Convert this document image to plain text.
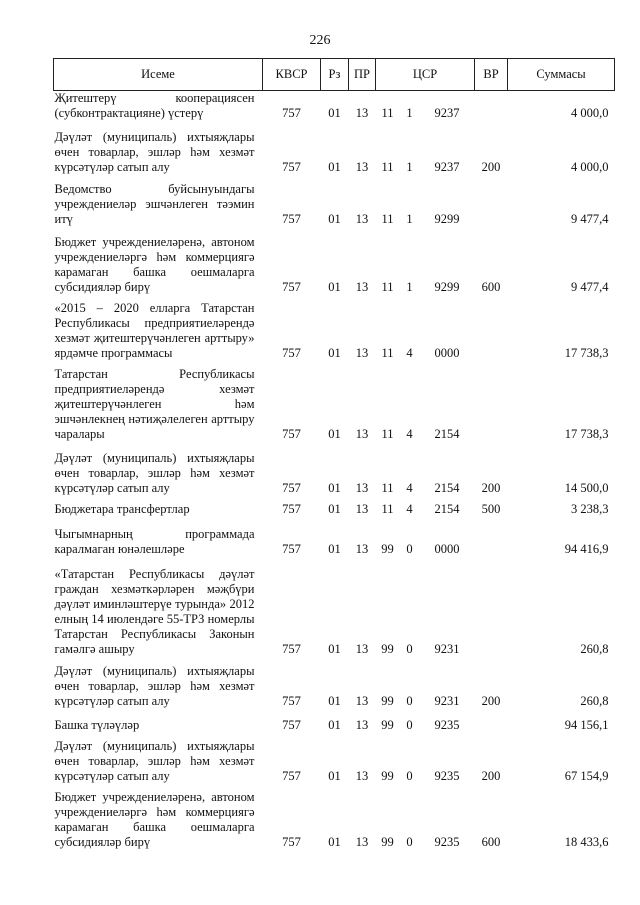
226
Исеме	КВСР	Рз	ПР	ЦСР			ВР	Суммасы
Җитештерү кооперациясен (субконтрактацияне) үстерү	757	01	13	11	1	9237		4 000,0
Дәүләт (муниципаль) ихтыяҗлары өчен товарлар, эшләр һәм хезмәт күрсәтүләр сатып алу	757	01	13	11	1	9237	200	4 000,0
Ведомство буйсынуындагы учреждениеләр эшчәнлеген тәэмин итү	757	01	13	11	1	9299		9 477,4
Бюджет учреждениеләренә, автоном учреждениеләргә һәм коммерциягә карамаган башка оешмаларга субсидияләр бирү	757	01	13	11	1	9299	600	9 477,4
«2015 – 2020 елларга Татарстан Республикасы предприятиеләрендә хезмәт җитештерүчәнлеген арттыру» ярдәмче программасы	757	01	13	11	4	0000		17 738,3
Татарстан Республикасы предприятиеләрендә хезмәт җитештерүчәнлеген һәм эшчәнлекнең нәтиҗәлелеген арттыру чаралары	757	01	13	11	4	2154		17 738,3
Дәүләт (муниципаль) ихтыяҗлары өчен товарлар, эшләр һәм хезмәт күрсәтүләр сатып алу	757	01	13	11	4	2154	200	14 500,0
Бюджетара трансфертлар	757	01	13	11	4	2154	500	3 238,3
Чыгымнарның программада каралмаган юнәлешләре	757	01	13	99	0	0000		94 416,9
«Татарстан Республикасы дәүләт граждан хезмәткәрләрен мәҗбүри дәүләт иминләштерүе турында» 2012 елның 14 июлендәге 55-ТРЗ номерлы Татарстан Республикасы Законын гамәлгә ашыру	757	01	13	99	0	9231		260,8
Дәүләт (муниципаль) ихтыяҗлары өчен товарлар, эшләр һәм хезмәт күрсәтүләр сатып алу	757	01	13	99	0	9231	200	260,8
Башка түләүләр	757	01	13	99	0	9235		94 156,1
Дәүләт (муниципаль) ихтыяҗлары өчен товарлар, эшләр һәм хезмәт күрсәтүләр сатып алу	757	01	13	99	0	9235	200	67 154,9
Бюджет учреждениеләренә, автоном учреждениеләргә һәм коммерциягә карамаган башка оешмаларга субсидияләр бирү	757	01	13	99	0	9235	600	18 433,6
